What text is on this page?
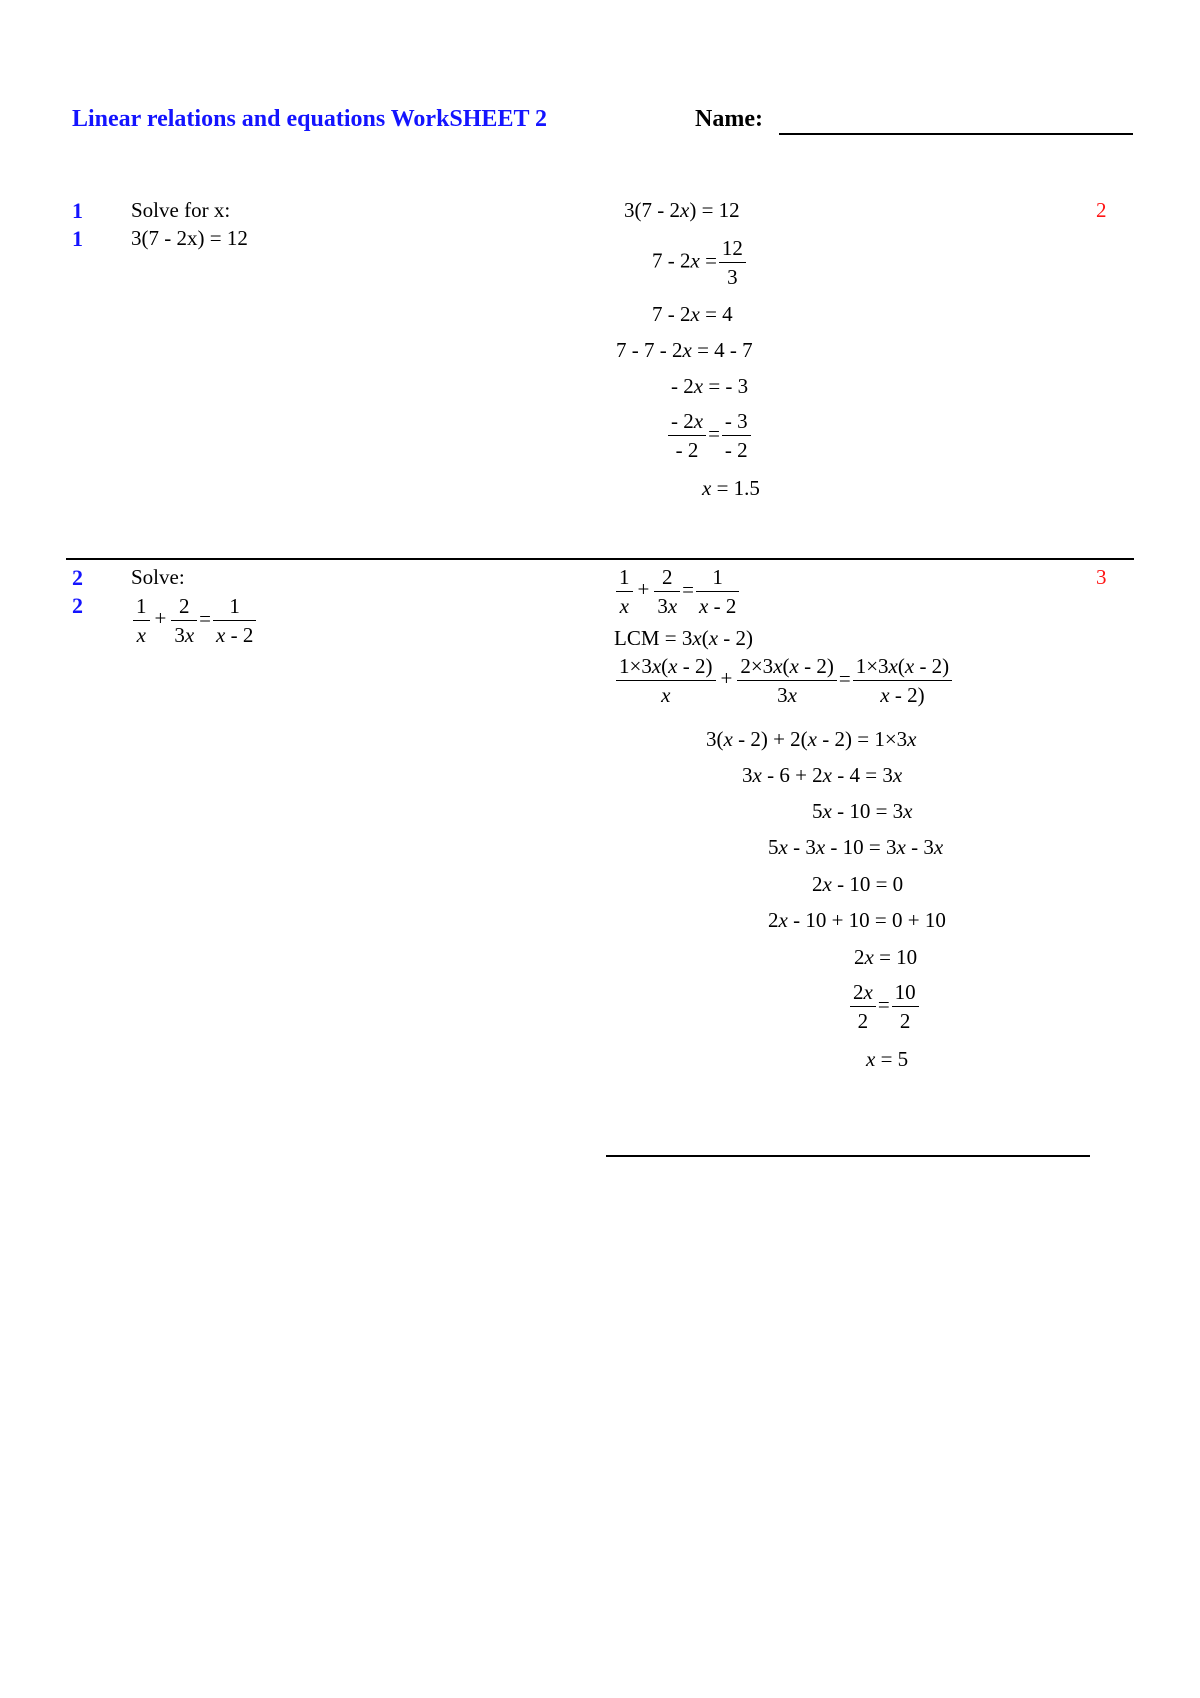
Linear relations and equations WorkSHEET 2	Name:
1
1
Solve for x:
3(7 - 2x) = 12
2
3(7 - 2x) = 12
$7 - 2x = \frac{12}{3}$
7 - 2x = 4
7 - 7 - 2x = 4 - 7
- 2x = - 3
$\frac{- 2x}{- 2} = \frac{- 3}{- 2}$
x = 1.5
2
2
Solve:
$\frac{1}{x} + \frac{2}{3x} = \frac{1}{x - 2}$
3
$\frac{1}{x} + \frac{2}{3x} = \frac{1}{x - 2}$
LCM = 3x(x - 2)
$\frac{1\times 3x(x - 2)}{x} + \frac{2\times 3x(x - 2)}{3x} = \frac{1\times 3x(x - 2)}{x - 2)}$
3(x - 2) + 2(x - 2) = 1×3x
3x - 6 + 2x - 4 = 3x
5x - 10 = 3x
5x - 3x - 10 = 3x - 3x
2x - 10 = 0
2x - 10 + 10 = 0 + 10
2x = 10
$\frac{2x}{2} = \frac{10}{2}$
x = 5
